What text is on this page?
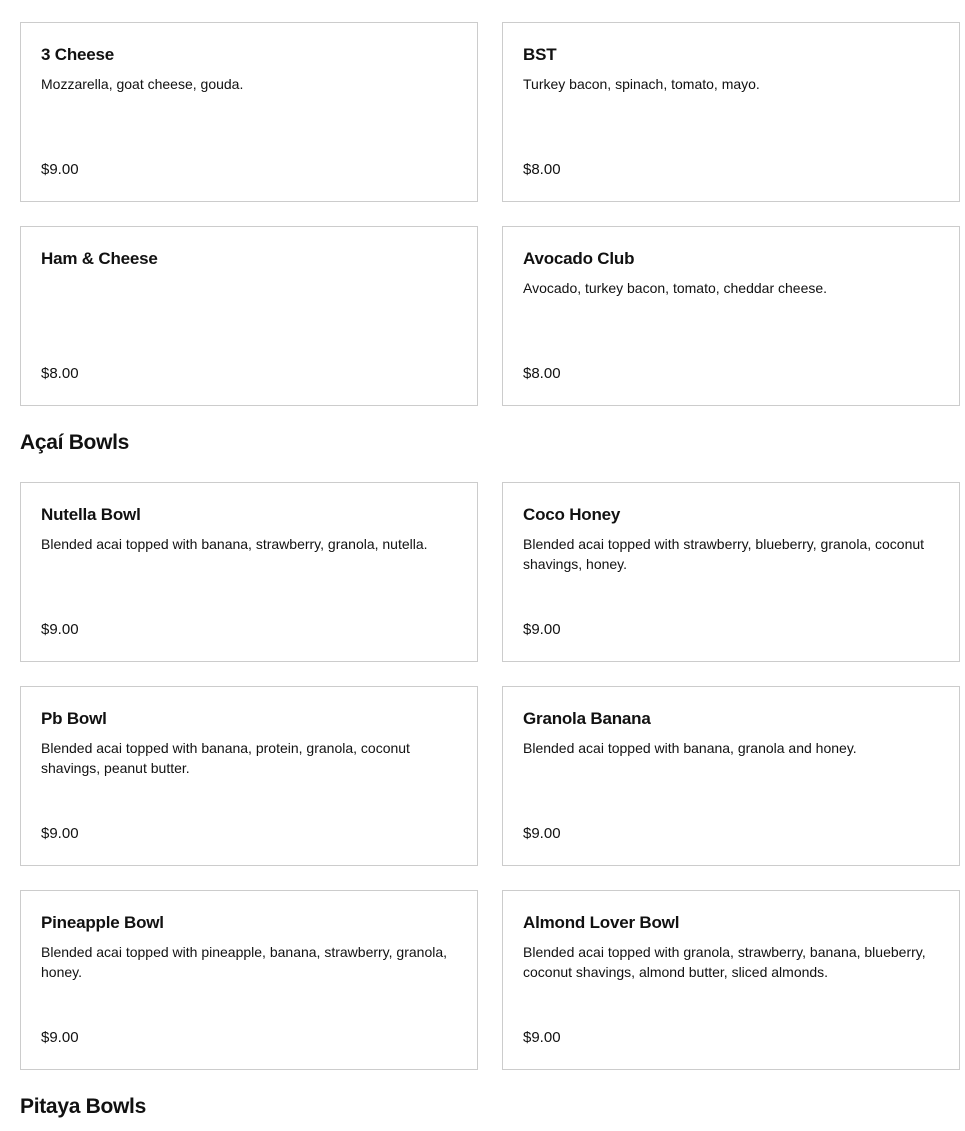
3 Cheese

Mozzarella, goat cheese, gouda.

$9.00
BST

Turkey bacon, spinach, tomato, mayo.

$8.00
Ham & Cheese

$8.00
Avocado Club

Avocado, turkey bacon, tomato, cheddar cheese.

$8.00
Açaí Bowls
Nutella Bowl

Blended acai topped with banana, strawberry, granola, nutella.

$9.00
Coco Honey

Blended acai topped with strawberry, blueberry, granola, coconut shavings, honey.

$9.00
Pb Bowl

Blended acai topped with banana, protein, granola, coconut shavings, peanut butter.

$9.00
Granola Banana

Blended acai topped with banana, granola and honey.

$9.00
Pineapple Bowl

Blended acai topped with pineapple, banana, strawberry, granola, honey.

$9.00
Almond Lover Bowl

Blended acai topped with granola, strawberry, banana, blueberry, coconut shavings, almond butter, sliced almonds.

$9.00
Pitaya Bowls
